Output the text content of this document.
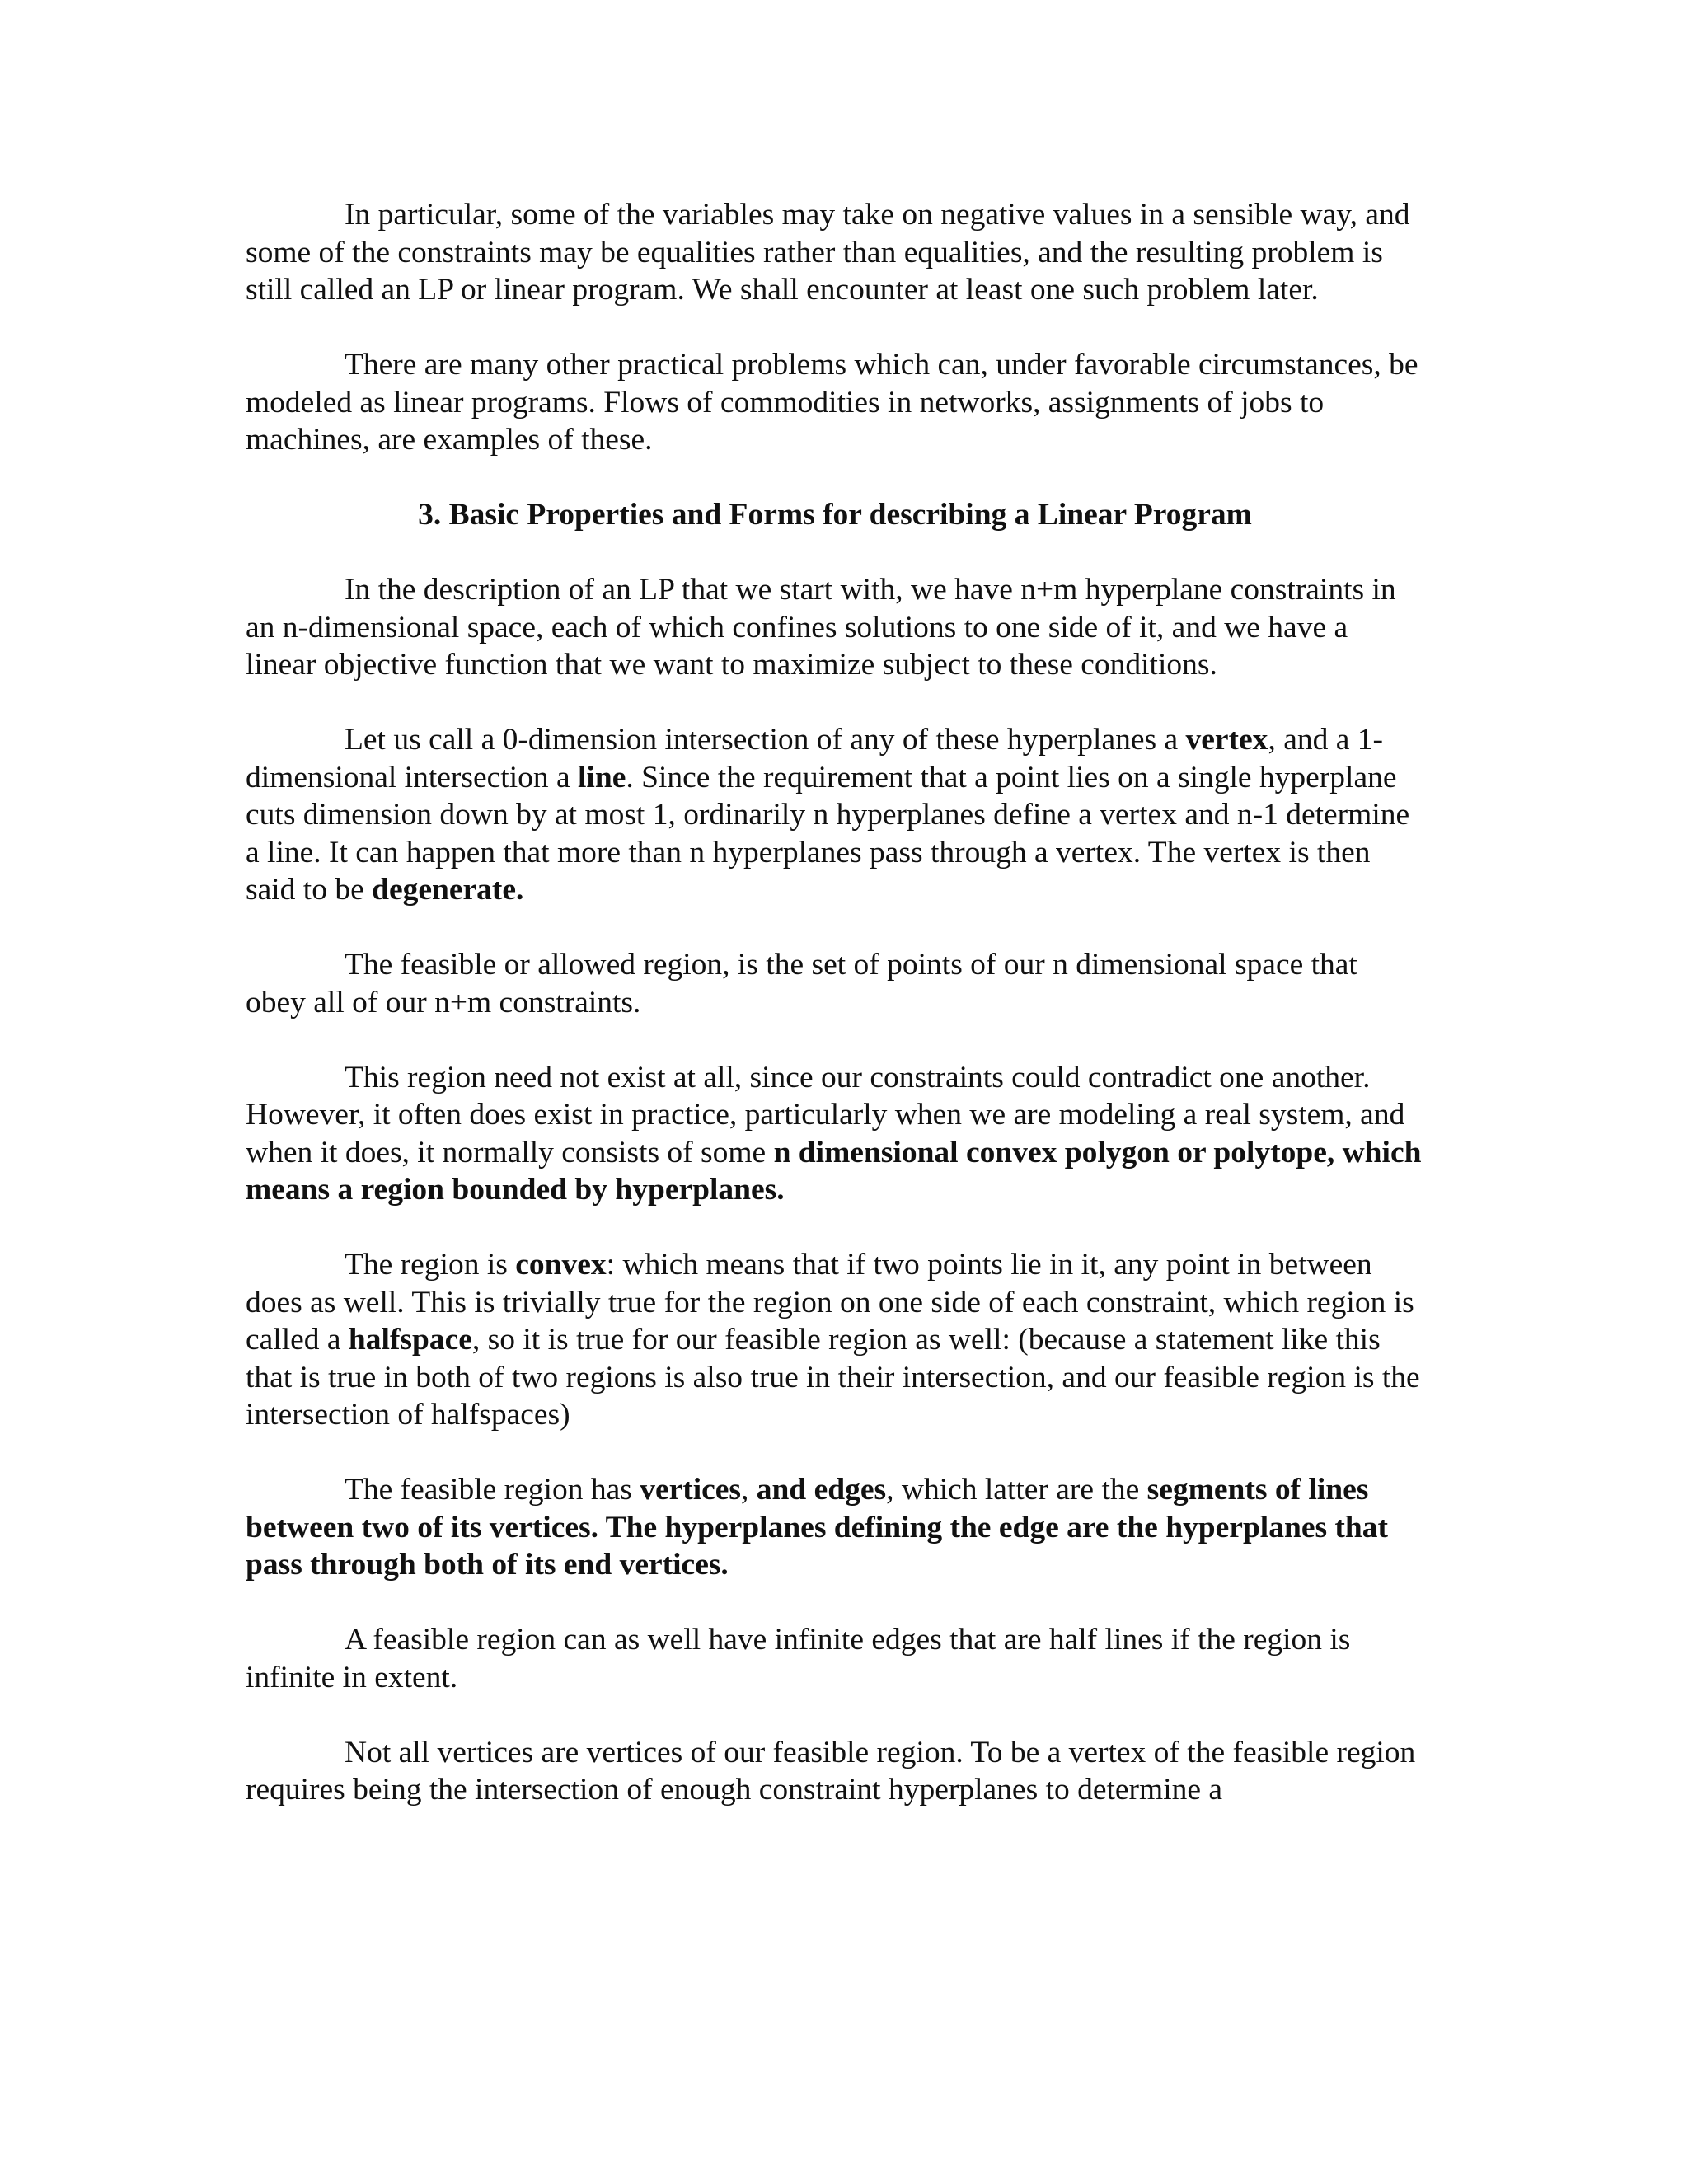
In particular, some of the variables may take on negative values in a sensible way, and some of the constraints may be equalities rather than equalities, and the resulting problem is still called an LP or linear program. We shall encounter at least one such problem later.

There are many other practical problems which can, under favorable circumstances, be modeled as linear programs. Flows of commodities in networks, assignments of jobs to machines, are examples of these.

3. Basic Properties and Forms for describing a Linear Program

In the description of an LP that we start with, we have n+m hyperplane constraints in an n-dimensional space, each of which confines solutions to one side of it, and we have a linear objective function that we want to maximize subject to these conditions.

Let us call a 0-dimension intersection of any of these hyperplanes a vertex, and a 1-dimensional intersection a line. Since the requirement that a point lies on a single hyperplane cuts dimension down by at most 1, ordinarily n hyperplanes define a vertex and n-1 determine a line. It can happen that more than n hyperplanes pass through a vertex. The vertex is then said to be degenerate.

The feasible or allowed region, is the set of points of our n dimensional space that obey all of our n+m constraints.

This region need not exist at all, since our constraints could contradict one another. However, it often does exist in practice, particularly when we are modeling a real system, and when it does, it normally consists of some n dimensional convex polygon or polytope, which means a region bounded by hyperplanes.

The region is convex: which means that if two points lie in it, any point in between does as well. This is trivially true for the region on one side of each constraint, which region is called a halfspace, so it is true for our feasible region as well: (because a statement like this that is true in both of two regions is also true in their intersection, and our feasible region is the intersection of halfspaces)

The feasible region has vertices, and edges, which latter are the segments of lines between two of its vertices. The hyperplanes defining the edge are the hyperplanes that pass through both of its end vertices.

A feasible region can as well have infinite edges that are half lines if the region is infinite in extent.

Not all vertices are vertices of our feasible region. To be a vertex of the feasible region requires being the intersection of enough constraint hyperplanes to determine a
